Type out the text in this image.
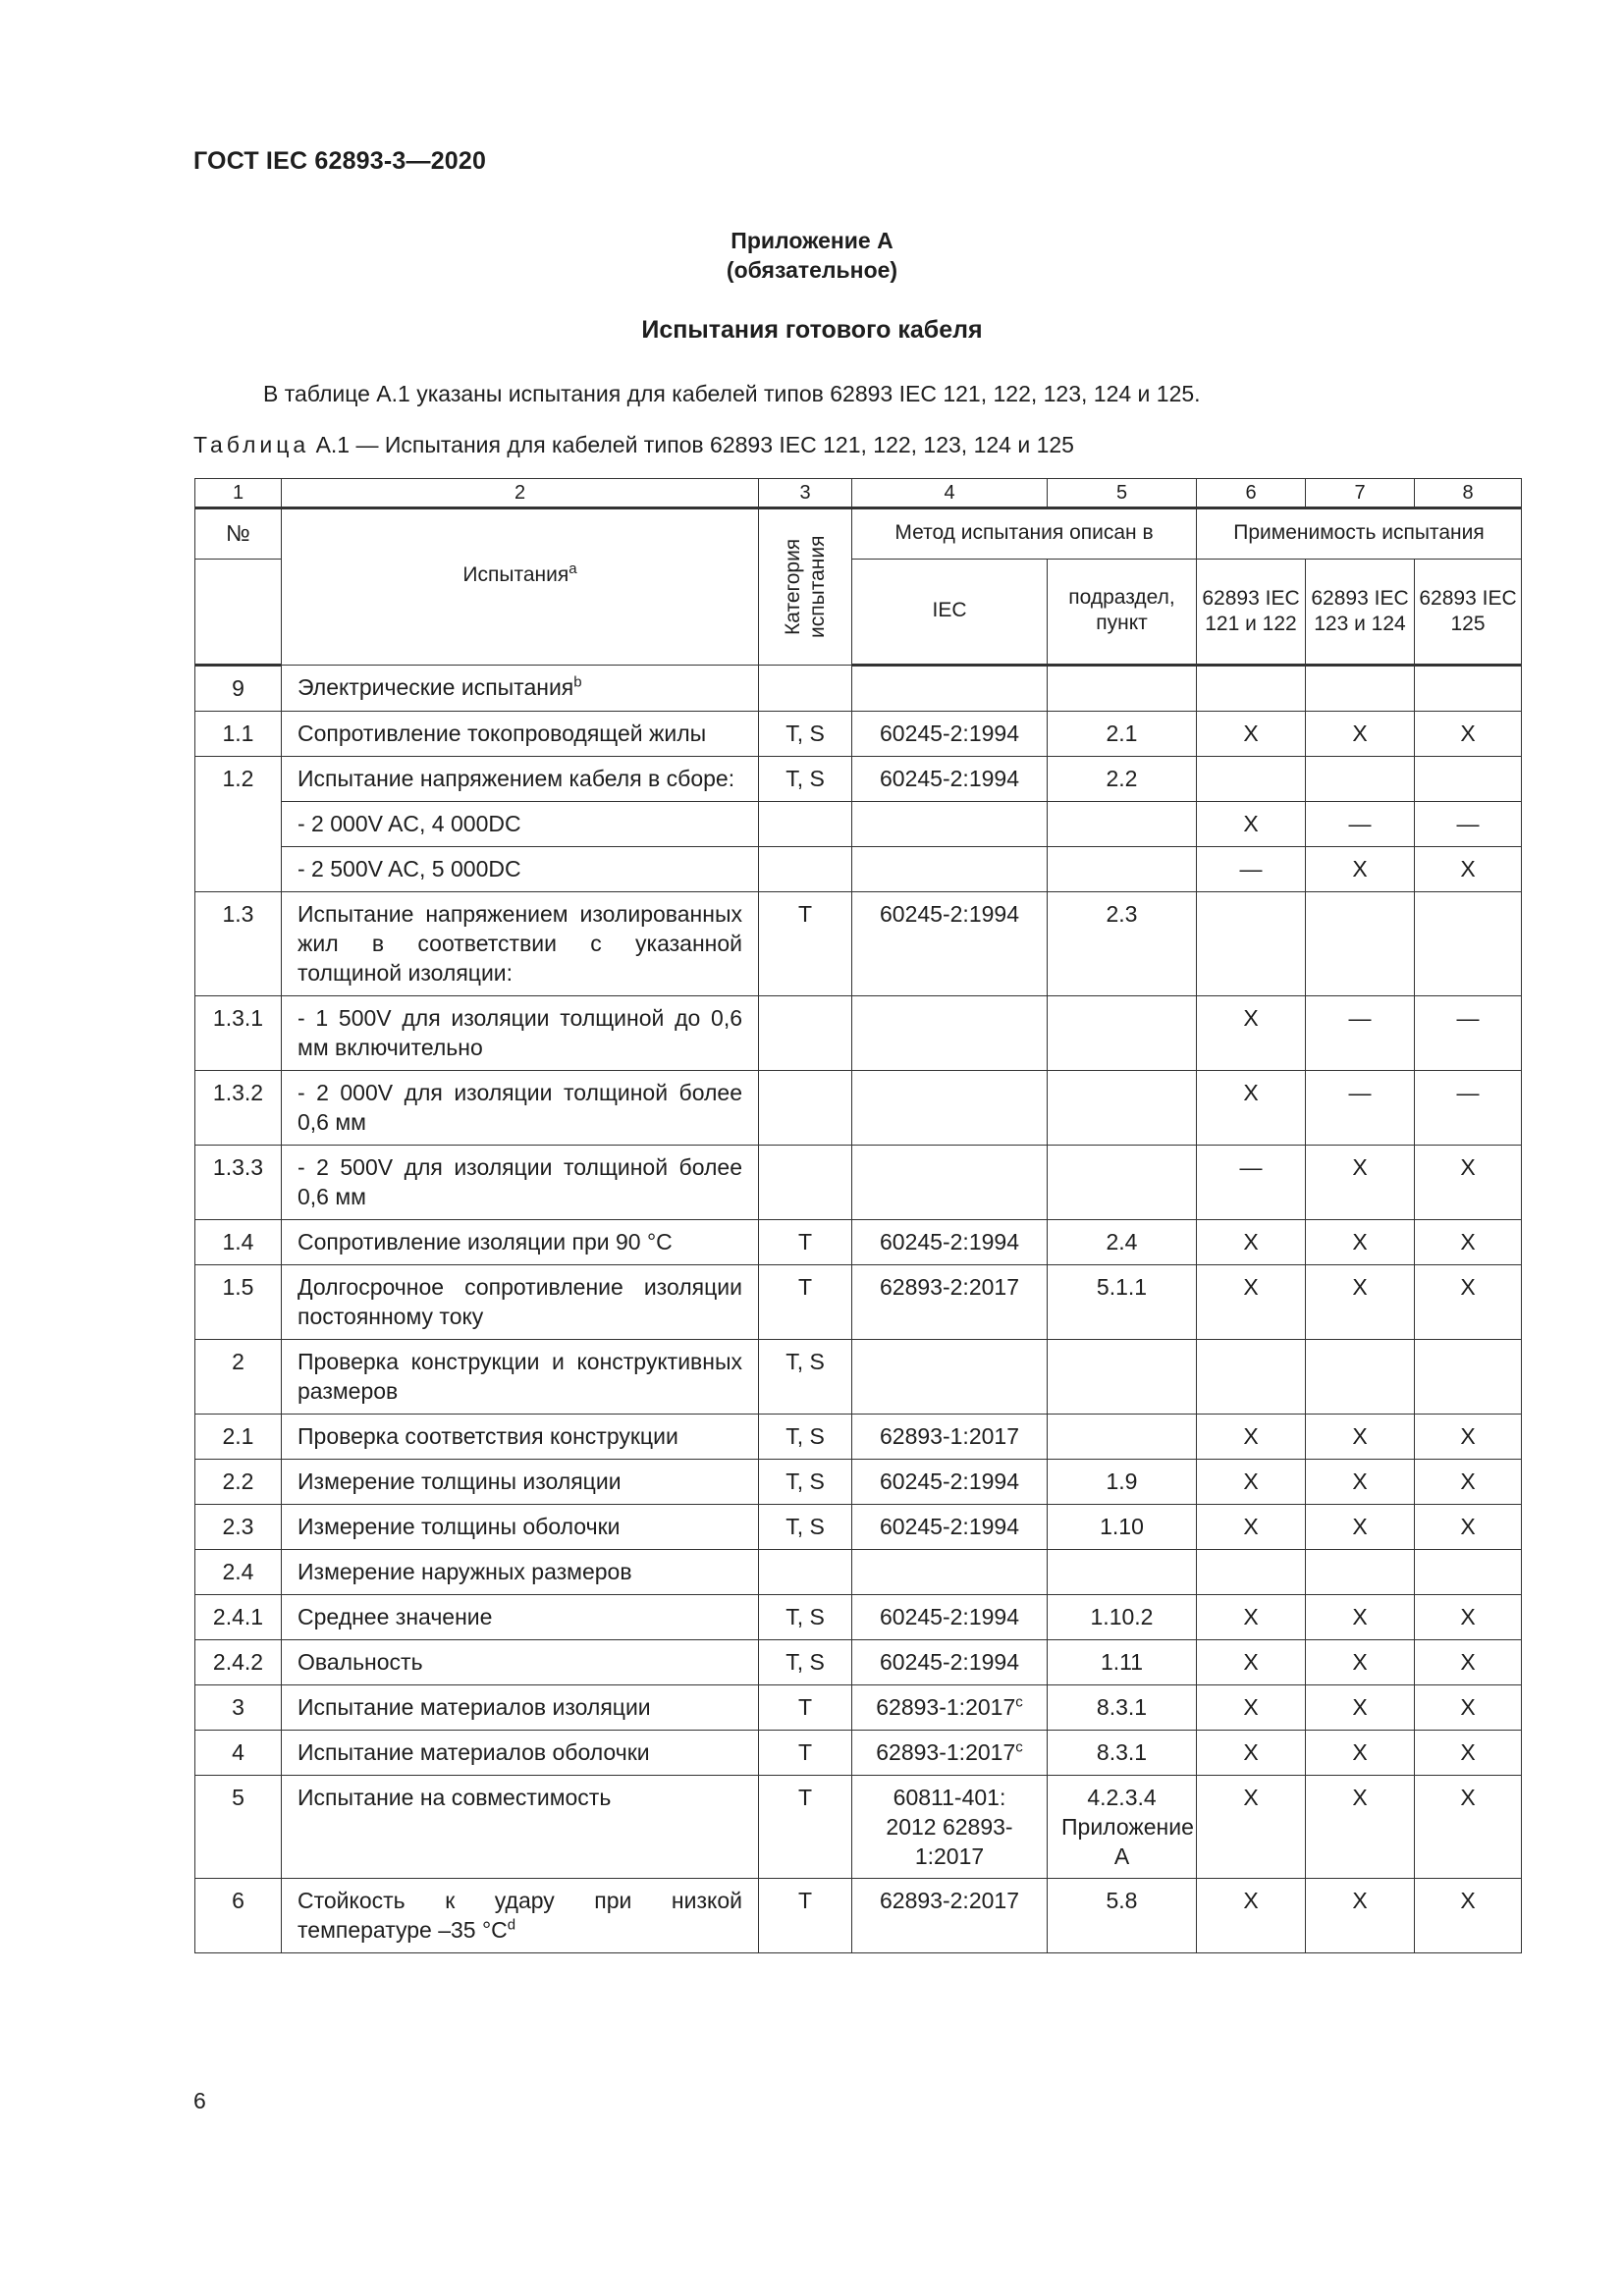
ГОСТ IEC 62893-3—2020
Приложение А
(обязательное)
Испытания готового кабеля
В таблице А.1 указаны испытания для кабелей типов 62893 IEC 121, 122, 123, 124 и 125.
Таблица А.1 — Испытания для кабелей типов 62893 IEC 121, 122, 123, 124 и 125
1	2	3	4	5	6	7	8
№	Испытания$^a$	Категория испытания	Метод испытания описан в		Применимость испытания		
			IEC	подраздел, пункт	62893 IEC 121 и 122	62893 IEC 123 и 124	62893 IEC 125
9	Электрические испытания$^b$						
1.1	Сопротивление токопроводящей жилы	T, S	60245-2:1994	2.1	X	X	X
1.2	Испытание напряжением кабеля в сборе:	T, S	60245-2:1994	2.2			
	- 2 000V AC, 4 000DC				X	—	—
	- 2 500V AC, 5 000DC				—	X	X
1.3	Испытание напряжением изолированных жил в соответствии с указанной толщиной изоляции:	T	60245-2:1994	2.3			
1.3.1	- 1 500V для изоляции толщиной до 0,6 мм включительно				X	—	—
1.3.2	- 2 000V для изоляции толщиной более 0,6 мм				X	—	—
1.3.3	- 2 500V для изоляции толщиной более 0,6 мм				—	X	X
1.4	Сопротивление изоляции при 90 °C	T	60245-2:1994	2.4	X	X	X
1.5	Долгосрочное сопротивление изоляции постоянному току	T	62893-2:2017	5.1.1	X	X	X
2	Проверка конструкции и конструктивных размеров	T, S					
2.1	Проверка соответствия конструкции	T, S	62893-1:2017		X	X	X
2.2	Измерение толщины изоляции	T, S	60245-2:1994	1.9	X	X	X
2.3	Измерение толщины оболочки	T, S	60245-2:1994	1.10	X	X	X
2.4	Измерение наружных размеров						
2.4.1	Среднее значение	T, S	60245-2:1994	1.10.2	X	X	X
2.4.2	Овальность	T, S	60245-2:1994	1.11	X	X	X
3	Испытание материалов изоляции	T	62893-1:2017$^c$	8.3.1	X	X	X
4	Испытание материалов оболочки	T	62893-1:2017$^c$	8.3.1	X	X	X
5	Испытание на совместимость	T	60811-401: 2012 62893-1:2017	4.2.3.4 Приложение А	X	X	X
6	Стойкость к удару при низкой температуре –35 $^\circ C^d$	T	62893-2:2017	5.8	X	X	X
6
